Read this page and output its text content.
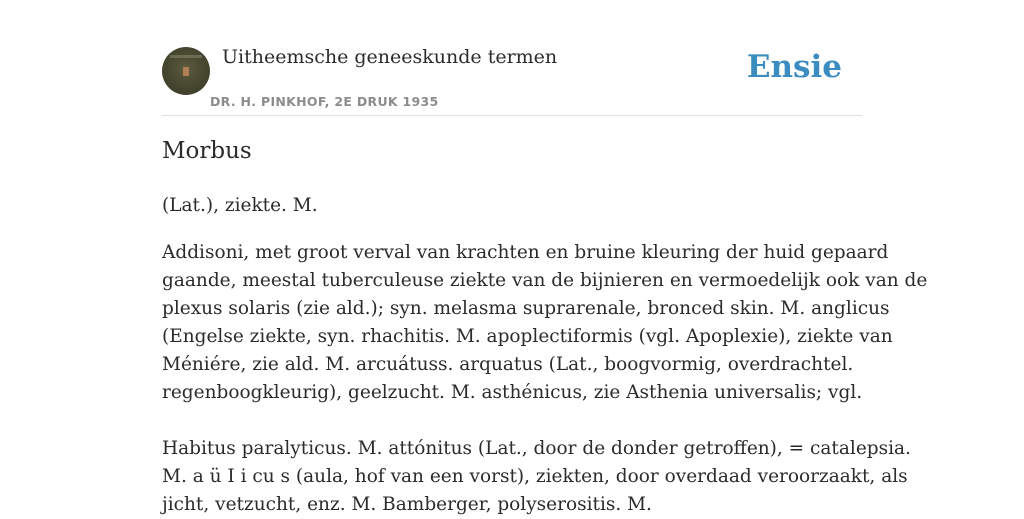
Uitheemsche geneeskunde termen
DR. H. PINKHOF, 2E DRUK 1935
Ensie
Morbus

(Lat.), ziekte. M.

Addisoni, met groot verval van krachten en bruine kleuring der huid gepaard
gaande, meestal tuberculeuse ziekte van de bijnieren en vermoedelijk ook van de
plexus solaris (zie ald.); syn. melasma suprarenale, bronced skin. M. anglicus
(Engelse ziekte, syn. rhachitis. M. apoplectiformis (vgl. Apoplexie), ziekte van
Méniére, zie ald. M. arcuátuss. arquatus (Lat., boogvormig, overdrachtel.
regenboogkleurig), geelzucht. M. asthénicus, zie Asthenia universalis; vgl.

Habitus paralyticus. M. attónitus (Lat., door de donder getroffen), = catalepsia.
M. a ü I i cu s (aula, hof van een vorst), ziekten, door overdaad veroorzaakt, als
jicht, vetzucht, enz. M. Bamberger, polyserositis. M.
